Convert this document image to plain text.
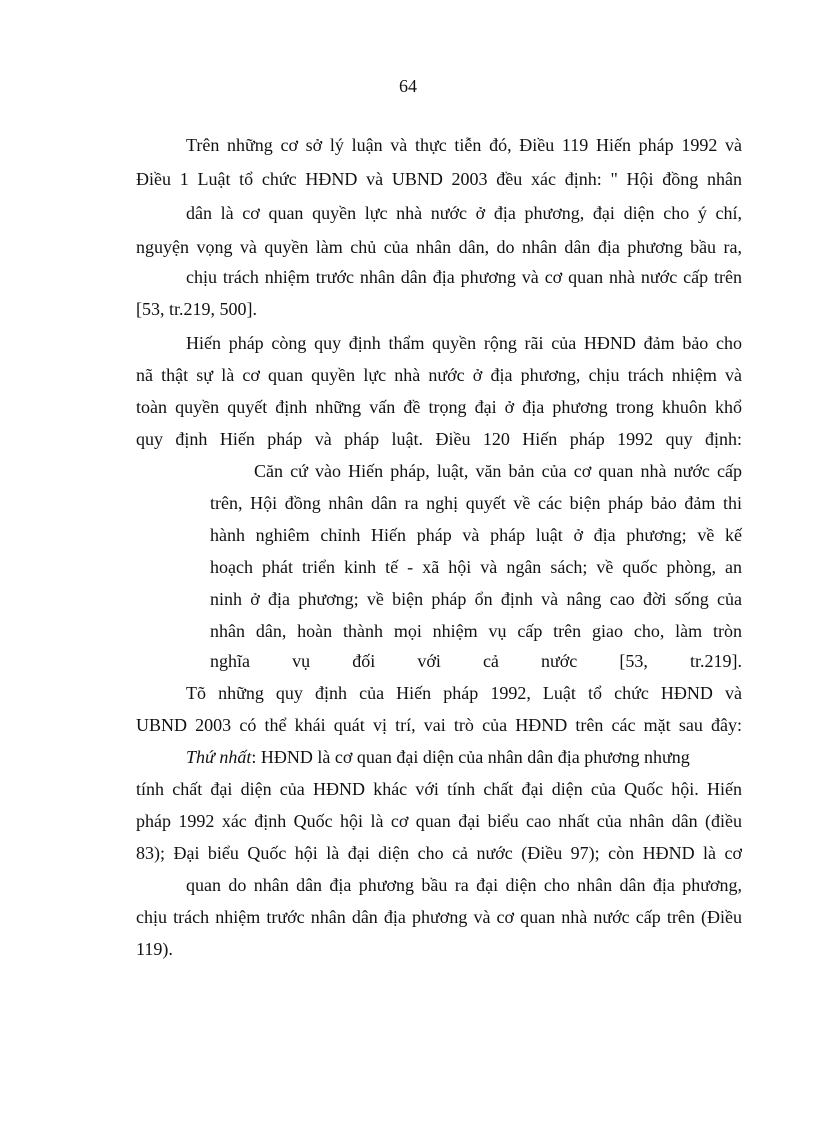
64
Trên những cơ sở lý luận và thực tiễn đó, Điều 119 Hiến pháp 1992 và
Điều 1 Luật tổ chức HĐND và UBND 2003 đều xác định: " Hội đồng nhân
dân là cơ quan quyền lực nhà nước ở địa phương, đại diện cho ý chí,
nguyện vọng và quyền làm chủ của nhân dân, do nhân dân địa phương bầu ra,
chịu trách nhiệm trước nhân dân địa phương và cơ quan nhà nước cấp trên
[53, tr.219, 500].
Hiến pháp còng quy định thẩm quyền rộng rãi của HĐND đảm bảo cho
nã thật sự là cơ quan quyền lực nhà nước ở địa phương, chịu trách nhiệm và
toàn quyền quyết định những vấn đề trọng đại ở địa phương trong khuôn khổ
quy định Hiến pháp và pháp luật. Điều 120 Hiến pháp 1992 quy định:
Căn cứ vào Hiến pháp, luật, văn bản của cơ quan nhà nước cấp
trên, Hội đồng nhân dân ra nghị quyết về các biện pháp bảo đảm thi
hành nghiêm chỉnh Hiến pháp và pháp luật ở địa phương; về kế
hoạch phát triển kinh tế - xã hội và ngân sách; về quốc phòng, an
ninh ở địa phương; về biện pháp ổn định và nâng cao đời sống của
nhân dân, hoàn thành mọi nhiệm vụ cấp trên giao cho, làm tròn
nghĩa vụ đối với cả nước [53, tr.219].
Tõ những quy định của Hiến pháp 1992, Luật tổ chức HĐND và
UBND 2003 có thể khái quát vị trí, vai trò của HĐND trên các mặt sau đây:
Thứ nhất: HĐND là cơ quan đại diện của nhân dân địa phương nhưng
tính chất đại diện của HĐND khác với tính chất đại diện của Quốc hội. Hiến
pháp 1992 xác định Quốc hội là cơ quan đại biểu cao nhất của nhân dân (điều
83); Đại biểu Quốc hội là đại diện cho cả nước (Điều 97); còn HĐND là cơ
quan do nhân dân địa phương bầu ra đại diện cho nhân dân địa phương,
chịu trách nhiệm trước nhân dân địa phương và cơ quan nhà nước cấp trên (Điều
119).
